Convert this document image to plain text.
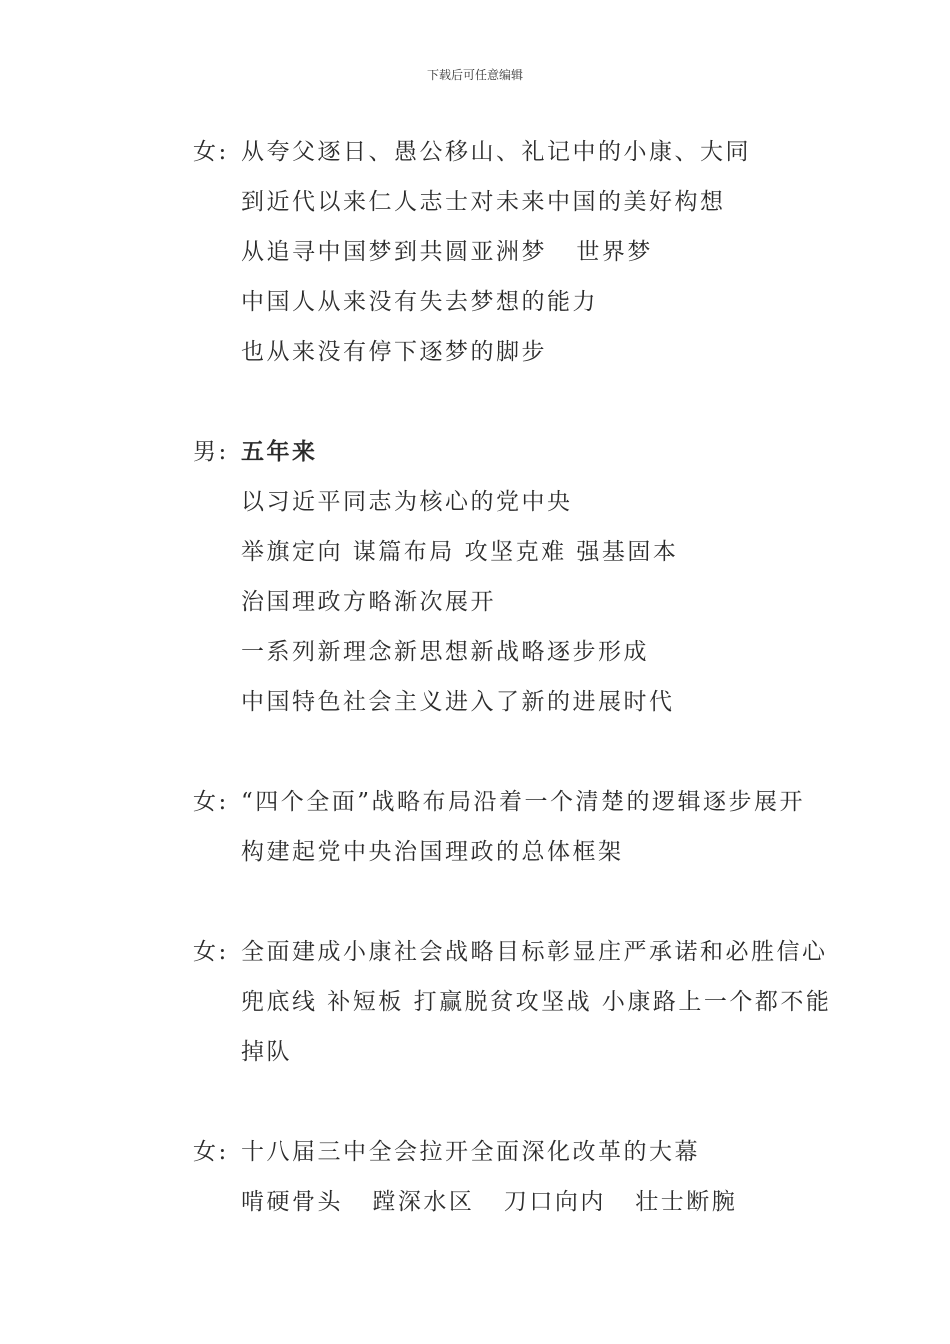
下载后可任意编辑
女: 从夸父逐日、愚公移山、礼记中的小康、大同
到近代以来仁人志士对未来中国的美好构想
从追寻中国梦到共圆亚洲梦   世界梦
中国人从来没有失去梦想的能力
也从来没有停下逐梦的脚步
男: 五年来
以习近平同志为核心的党中央
举旗定向 谋篇布局 攻坚克难 强基固本
治国理政方略渐次展开
一系列新理念新思想新战略逐步形成
中国特色社会主义进入了新的进展时代
女: “四个全面”战略布局沿着一个清楚的逻辑逐步展开
构建起党中央治国理政的总体框架
女: 全面建成小康社会战略目标彰显庄严承诺和必胜信心
兜底线 补短板 打赢脱贫攻坚战 小康路上一个都不能
掉队
女: 十八届三中全会拉开全面深化改革的大幕
啃硬骨头   蹚深水区   刀口向内   壮士断腕
